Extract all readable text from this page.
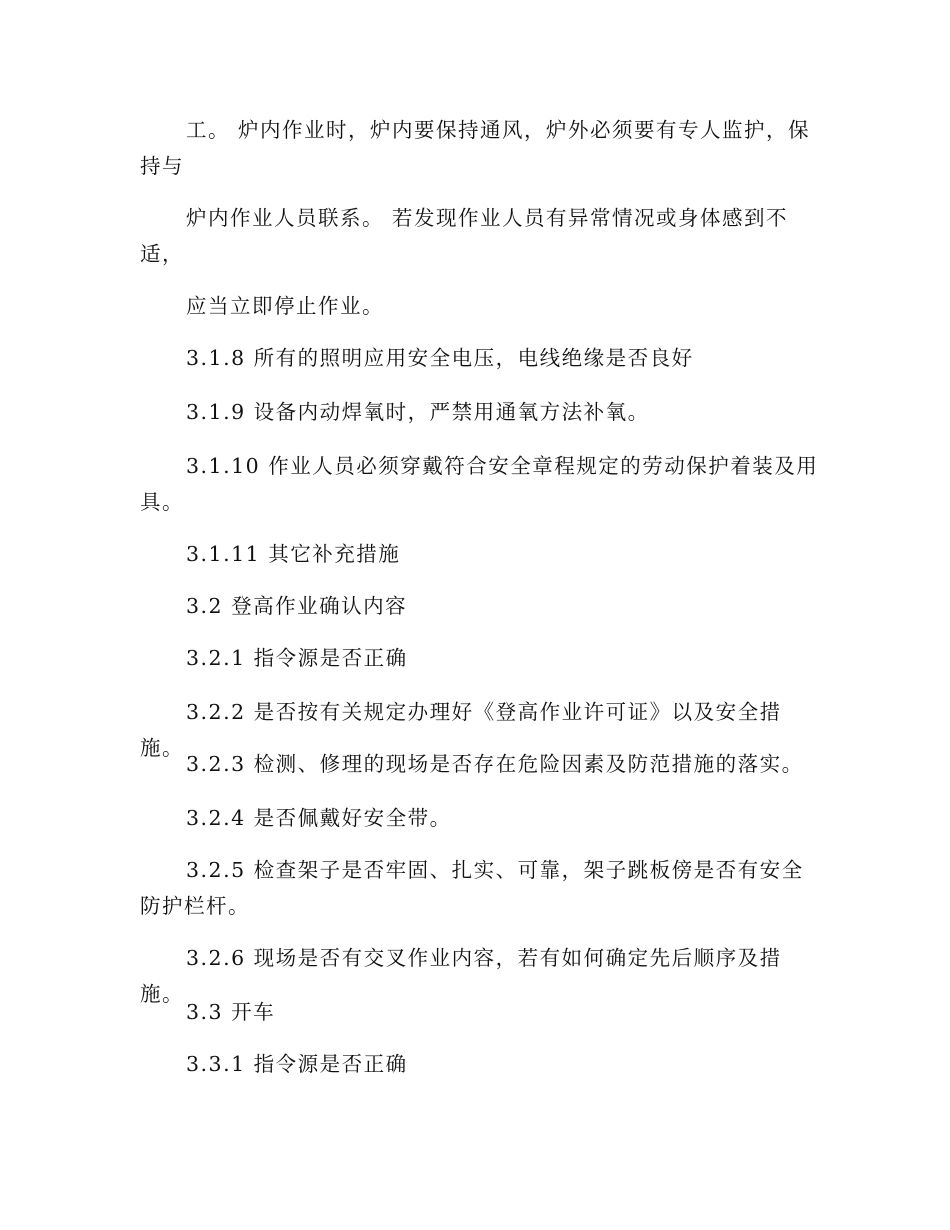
工。 炉内作业时，炉内要保持通风，炉外必须要有专人监护，保持与

炉内作业人员联系。 若发现作业人员有异常情况或身体感到不适，

应当立即停止作业。

3.1.8 所有的照明应用安全电压，电线绝缘是否良好

3.1.9 设备内动焊氧时，严禁用通氧方法补氧。

3.1.10 作业人员必须穿戴符合安全章程规定的劳动保护着装及用具。

3.1.11 其它补充措施

3.2 登高作业确认内容

3.2.1 指令源是否正确

3.2.2 是否按有关规定办理好《登高作业许可证》以及安全措施。

3.2.3 检测、修理的现场是否存在危险因素及防范措施的落实。

3.2.4 是否佩戴好安全带。

3.2.5 检查架子是否牢固、扎实、可靠，架子跳板傍是否有安全防护栏杆。

3.2.6 现场是否有交叉作业内容，若有如何确定先后顺序及措施。

3.3 开车

3.3.1 指令源是否正确
